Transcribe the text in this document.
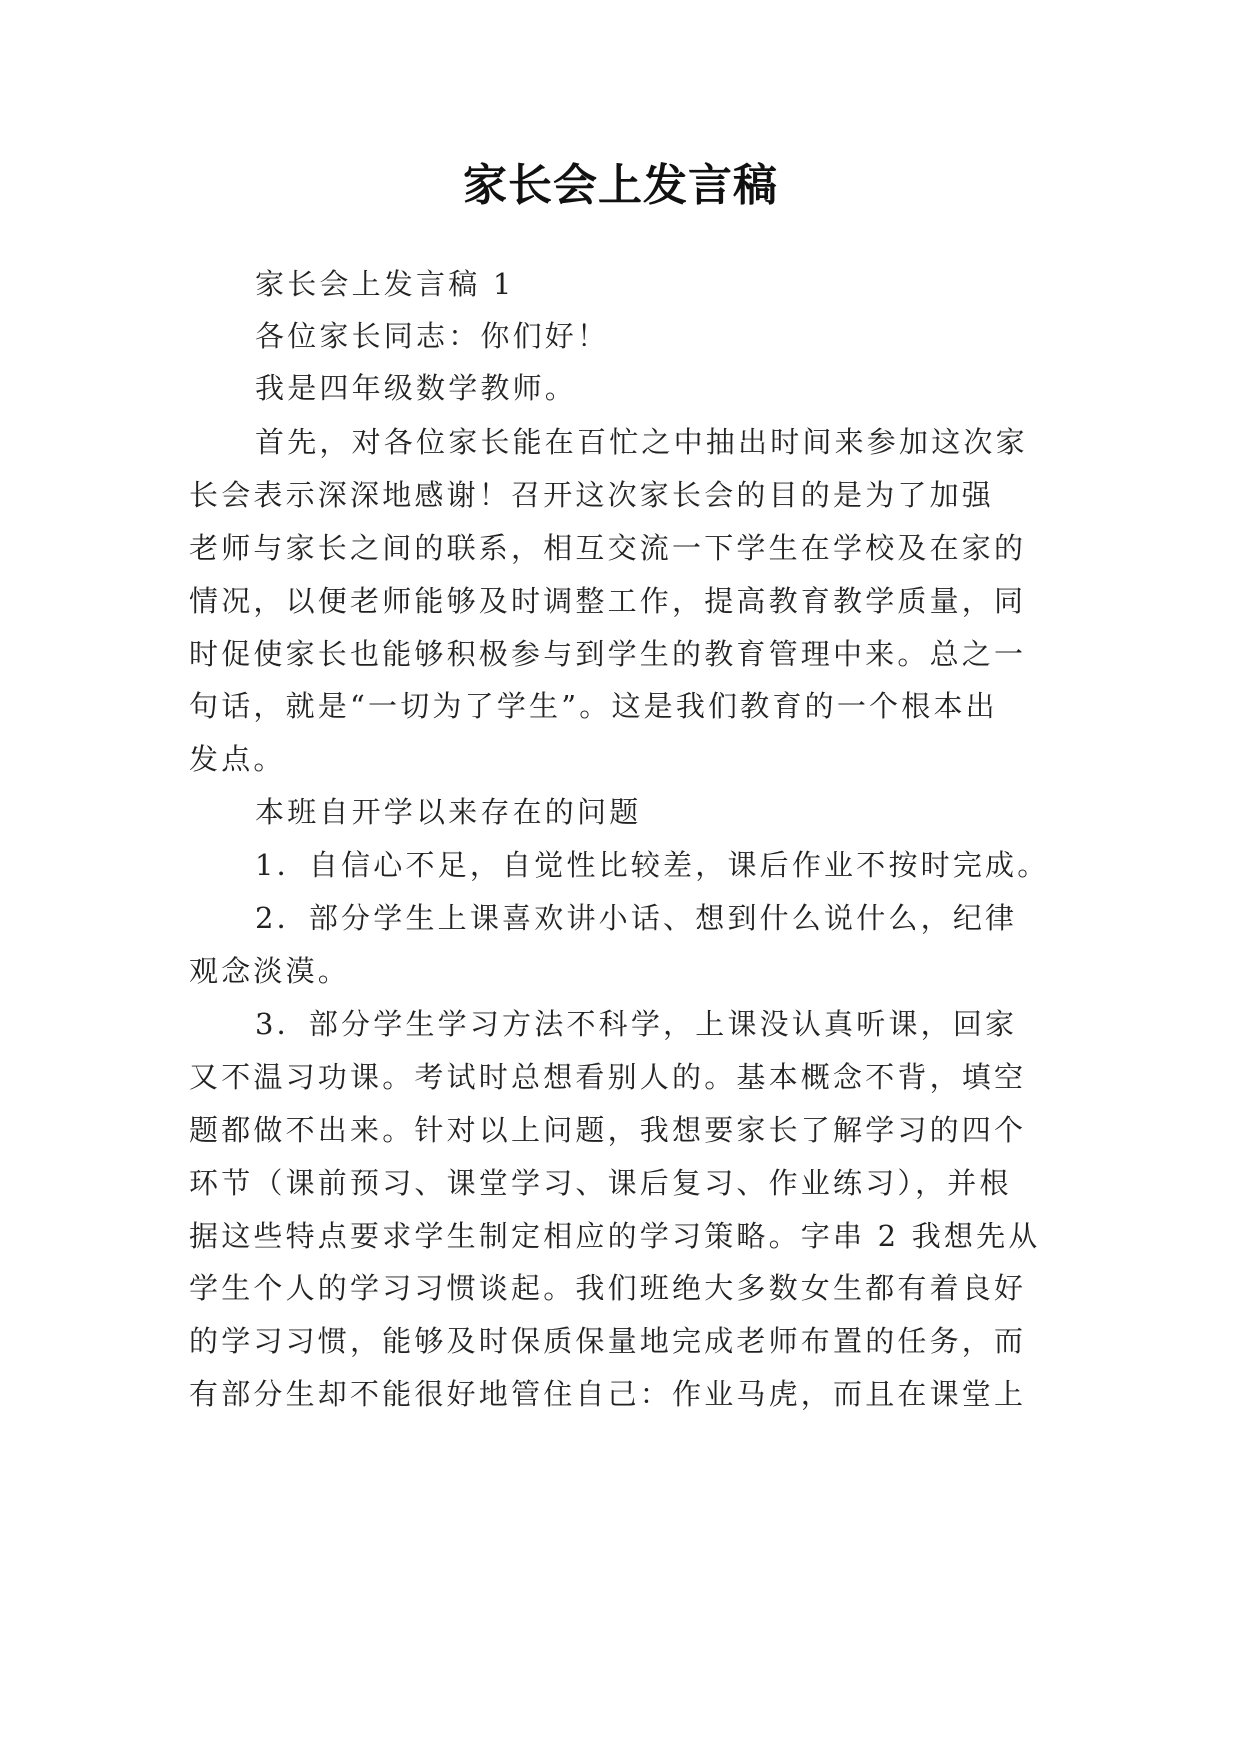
家长会上发言稿
家长会上发言稿 1
各位家长同志：你们好！
我是四年级数学教师。
首先，对各位家长能在百忙之中抽出时间来参加这次家
长会表示深深地感谢！召开这次家长会的目的是为了加强
老师与家长之间的联系，相互交流一下学生在学校及在家的
情况，以便老师能够及时调整工作，提高教育教学质量，同
时促使家长也能够积极参与到学生的教育管理中来。总之一
句话，就是“一切为了学生”。这是我们教育的一个根本出
发点。
本班自开学以来存在的问题
1．自信心不足，自觉性比较差，课后作业不按时完成。
2．部分学生上课喜欢讲小话、想到什么说什么，纪律
观念淡漠。
3．部分学生学习方法不科学，上课没认真听课，回家
又不温习功课。考试时总想看别人的。基本概念不背，填空
题都做不出来。针对以上问题，我想要家长了解学习的四个
环节（课前预习、课堂学习、课后复习、作业练习），并根
据这些特点要求学生制定相应的学习策略。字串 2 我想先从
学生个人的学习习惯谈起。我们班绝大多数女生都有着良好
的学习习惯，能够及时保质保量地完成老师布置的任务，而
有部分生却不能很好地管住自己：作业马虎，而且在课堂上
